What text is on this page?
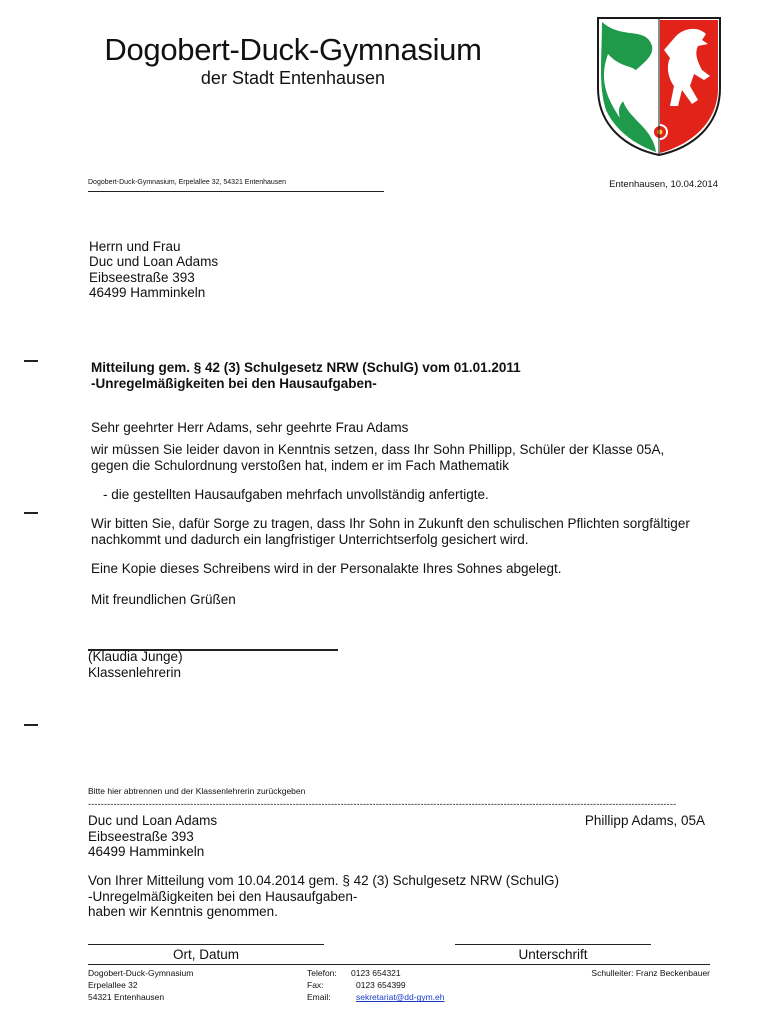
Dogobert-Duck-Gymnasium
der Stadt Entenhausen
Dogobert-Duck-Gymnasium, Erpelallee 32, 54321 Entenhausen	Entenhausen, 10.04.2014
Herrn und Frau
Duc und Loan Adams
Eibseestraße 393
46499 Hamminkeln
Mitteilung gem. § 42 (3) Schulgesetz NRW (SchulG) vom 01.01.2011
-Unregelmäßigkeiten bei den Hausaufgaben-
Sehr geehrter Herr Adams, sehr geehrte Frau Adams
wir müssen Sie leider davon in Kenntnis setzen, dass Ihr Sohn Phillipp, Schüler der Klasse 05A,
gegen die Schulordnung verstoßen hat, indem er im Fach Mathematik
- die gestellten Hausaufgaben mehrfach unvollständig anfertigte.
Wir bitten Sie, dafür Sorge zu tragen, dass Ihr Sohn in Zukunft den schulischen Pflichten sorgfältiger
nachkommt und dadurch ein langfristiger Unterrichtserfolg gesichert wird.
Eine Kopie dieses Schreibens wird in der Personalakte Ihres Sohnes abgelegt.
Mit freundlichen Grüßen
(Klaudia Junge)
Klassenlehrerin
Bitte hier abtrennen und der Klassenlehrerin zurückgeben
----------------------------------------------------------------------------------------------------------------------------------------------------------------------------------------
Duc und Loan Adams
Eibseestraße 393
46499 Hamminkeln
Phillipp Adams, 05A
Von Ihrer Mitteilung vom 10.04.2014 gem. § 42 (3) Schulgesetz NRW (SchulG)
-Unregelmäßigkeiten bei den Hausaufgaben-
haben wir Kenntnis genommen.
Ort, Datum	Unterschrift
Dogobert-Duck-Gymnasium
Erpelallee 32
54321 Entenhausen
Telefon:
Fax:
Email:
0123 654321
0123 654399
sekretariat@dd-gym.eh
Schulleiter: Franz Beckenbauer
